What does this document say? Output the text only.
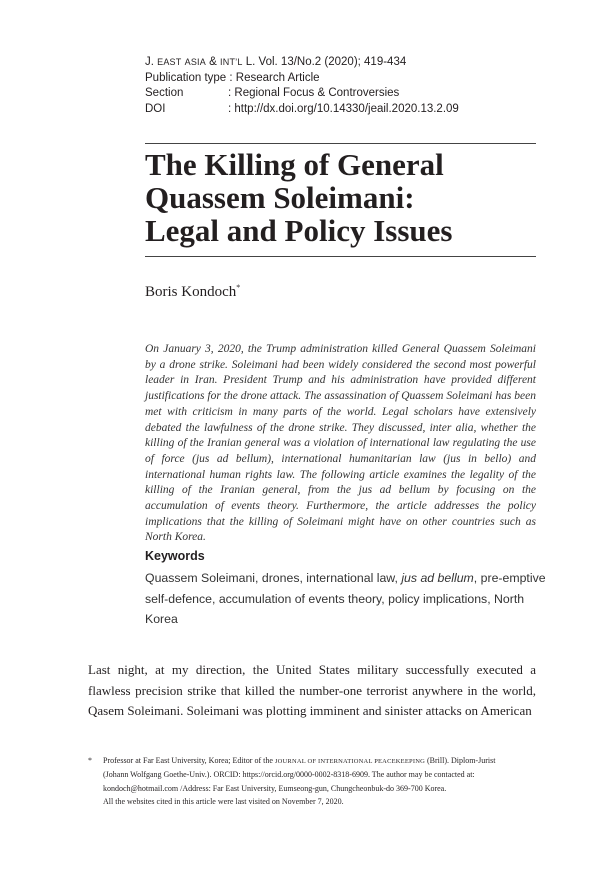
J. EAST ASIA & INT’L L. Vol. 13/No.2 (2020); 419-434
Publication type : Research Article
Section	: Regional Focus & Controversies
DOI	: http://dx.doi.org/10.14330/jeail.2020.13.2.09
The Killing of General
Quassem Soleimani:
Legal and Policy Issues
Boris Kondoch*

On January 3, 2020, the Trump administration killed General Quassem Soleimani by a drone strike. Soleimani had been widely considered the second most powerful leader in Iran. President Trump and his administration have provided different justifications for the drone attack. The assassination of Quassem Soleimani has been met with criticism in many parts of the world. Legal scholars have extensively debated the lawfulness of the drone strike. They discussed, inter alia, whether the killing of the Iranian general was a violation of international law regulating the use of force (jus ad bellum), international humanitarian law (jus in bello) and international human rights law. The following article examines the legality of the killing of the Iranian general, from the jus ad bellum by focusing on the accumulation of events theory. Furthermore, the article addresses the policy implications that the killing of Soleimani might have on other countries such as North Korea.

Keywords

Quassem Soleimani, drones, international law, jus ad bellum, pre-emptive
self-defence, accumulation of events theory, policy implications, North
Korea

Last night, at my direction, the United States military successfully executed a flawless precision strike that killed the number-one terrorist anywhere in the world, Qasem Soleimani. Soleimani was plotting imminent and sinister attacks on American

*	Professor at Far East University, Korea; Editor of the JOURNAL OF INTERNATIONAL PEACEKEEPING (Brill). Diplom-Jurist
(Johann Wolfgang Goethe-Univ.). ORCID: https://orcid.org/0000-0002-8318-6909. The author may be contacted at:
kondoch@hotmail.com /Address: Far East University, Eumseong-gun, Chungcheonbuk-do 369-700 Korea.
All the websites cited in this article were last visited on November 7, 2020.
